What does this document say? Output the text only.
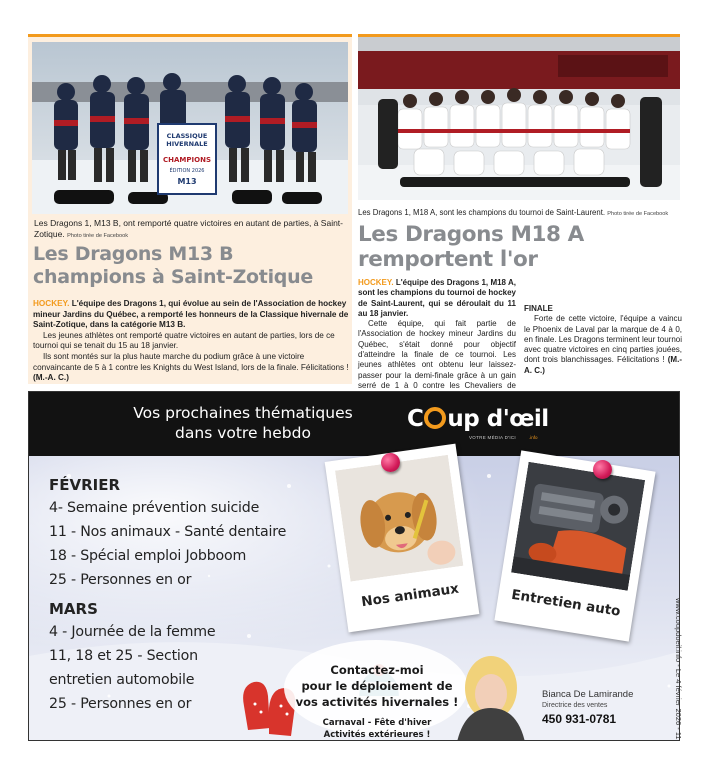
CLASSIQUE
HIVERNALE
CHAMPIONS
ÉDITION 2026
M13
Les Dragons 1, M13 B, ont remporté quatre victoires en autant de parties, à Saint-Zotique. Photo tirée de Facebook
Les Dragons M13 B champions à Saint-Zotique

HOCKEY. L'équipe des Dragons 1, qui évolue au sein de l'Association de hockey mineur Jardins du Québec, a remporté les honneurs de la Classique hivernale de Saint-Zotique, dans la catégorie M13 B.

Les jeunes athlètes ont remporté quatre victoires en autant de parties, lors de ce tournoi qui se tenait du 15 au 18 janvier.

Ils sont montés sur la plus haute marche du podium grâce à une victoire convaincante de 5 à 1 contre les Knights du West Island, lors de la finale. Félicitations ! (M.-A. C.)

Les Dragons 1, M18 A, sont les champions du tournoi de Saint-Laurent. Photo tirée de Facebook
Les Dragons M18 A remportent l'or

HOCKEY. L'équipe des Dragons 1, M18 A, sont les champions du tournoi de hockey de Saint-Laurent, qui se déroulait du 11 au 18 janvier.

Cette équipe, qui fait partie de l'Association de hockey mineur Jardins du Québec, s'était donné pour objectif d'atteindre la finale de ce tournoi. Les jeunes athlètes ont obtenu leur laissez-passer pour la demi-finale grâce à un gain serré de 1 à 0 contre les Chevaliers de

FINALE

Forte de cette victoire, l'équipe a vaincu le Phoenix de Laval par la marque de 4 à 0, en finale. Les Dragons terminent leur tournoi avec quatre victoires en cinq parties jouées, dont trois blanchissages. Félicitations ! (M.-A. C.)

Vos prochaines thématiques
dans votre hebdo
C up d'œil
VOTRE MÉDIA D'ICI	.info
FÉVRIER
4- Semaine prévention suicide
11 - Nos animaux - Santé dentaire
18 - Spécial emploi Jobboom
25 - Personnes en or
MARS
4 - Journée de la femme
11, 18 et 25 - Section
entretien automobile
25 - Personnes en or
Nos animaux	Entretien auto
Contactez-moi
pour le déploiement de
vos activités hivernales !
Carnaval - Fête d'hiver
Activités extérieures !
Bianca De Lamirande
Directrice des ventes
450 931-0781	www.coupdoeil.info - Le 4 février 2026 - 11
